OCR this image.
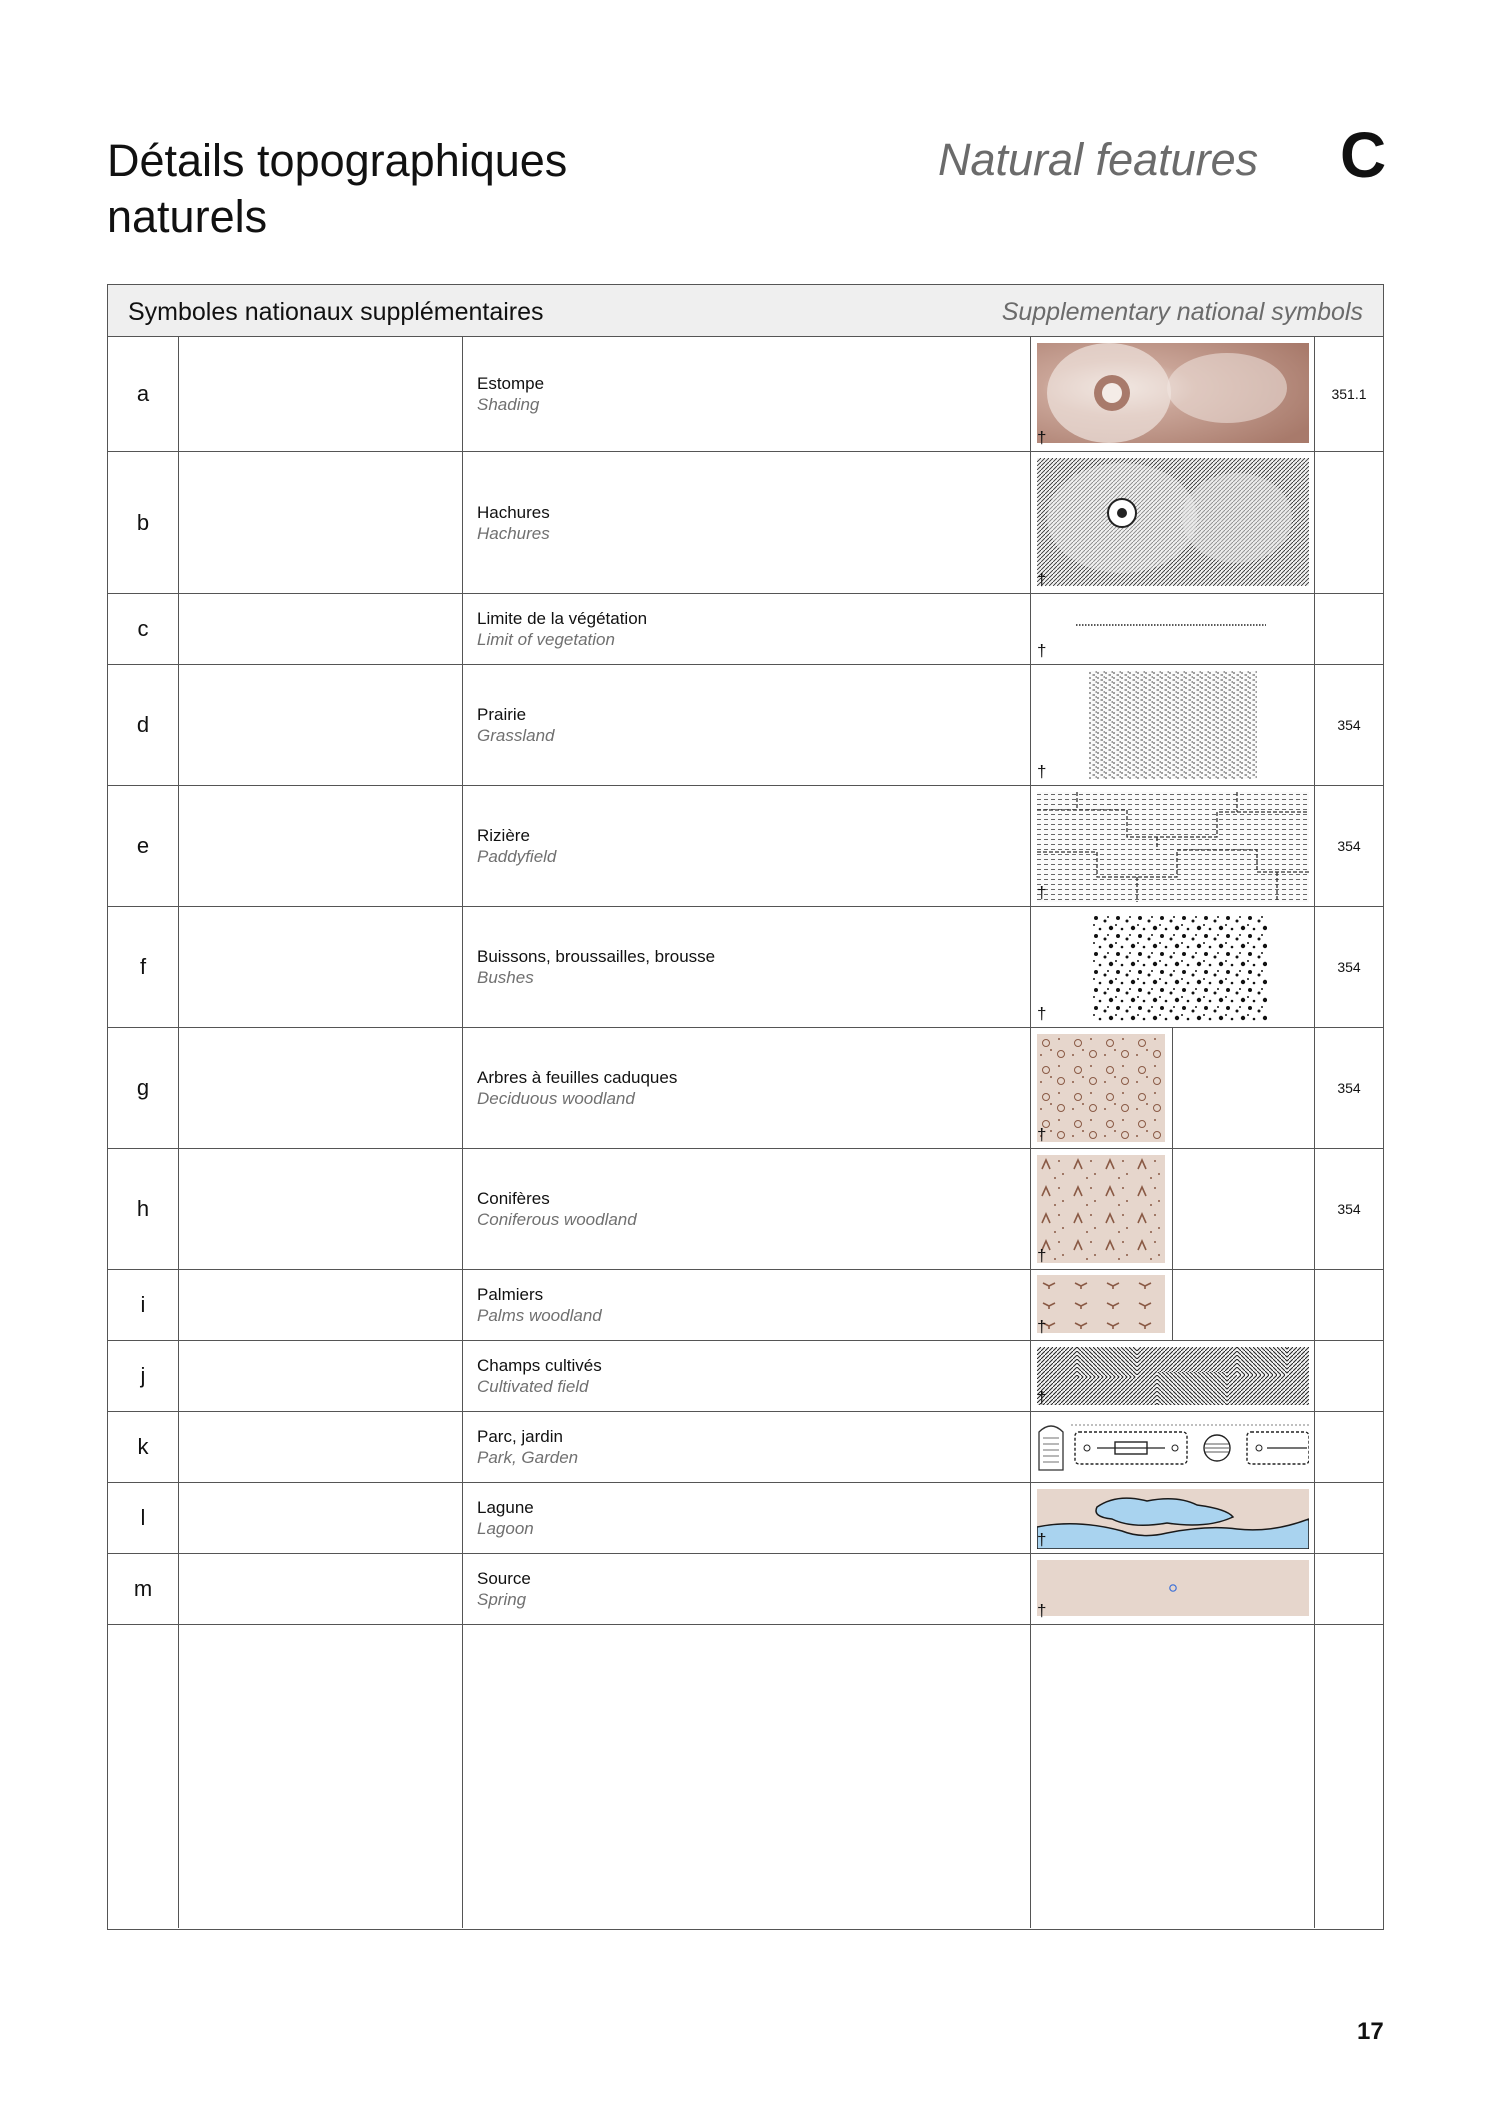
Détails topographiques
naturels
Natural features C
Symboles nationaux supplémentaires	Supplementary national symbols
a	Estompe
Shading
†
351.1
b	Hachures
Hachures
†
c	Limite de la végétation
Limit of vegetation
†
d	Prairie
Grassland
†
354
e	Rizière
Paddyfield
†
354
f	Buissons, broussailles, brousse
Bushes
†
354
g	Arbres à feuilles caduques
Deciduous woodland
†
354
h	Conifères
Coniferous woodland
†
354
i	Palmiers
Palms woodland
†
j	Champs cultivés
Cultivated field
†
k	Parc, jardin
Park, Garden
l	Lagune
Lagoon
†
m	Source
Spring
†
17
